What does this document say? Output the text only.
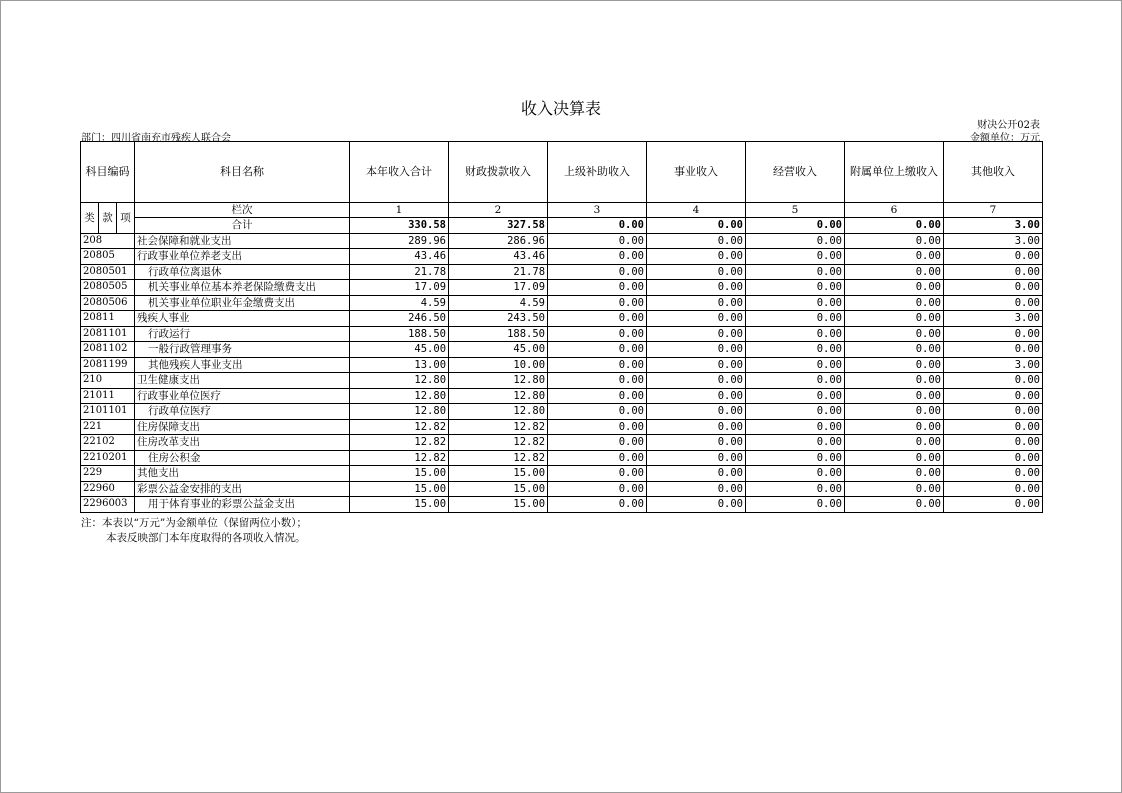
收入决算表
财决公开02表
部门：四川省南充市残疾人联合会	金额单位：万元
科目编码			科目名称	本年收入合计	财政拨款收入	上级补助收入	事业收入	经营收入	附属单位上缴收入	其他收入
类	款	项	栏次	1	2	3	4	5	6	7
			合计	330.58	327.58	0.00	0.00	0.00	0.00	3.00
208			社会保障和就业支出	289.96	286.96	0.00	0.00	0.00	0.00	3.00
20805			行政事业单位养老支出	43.46	43.46	0.00	0.00	0.00	0.00	0.00
2080501			行政单位离退休	21.78	21.78	0.00	0.00	0.00	0.00	0.00
2080505			机关事业单位基本养老保险缴费支出	17.09	17.09	0.00	0.00	0.00	0.00	0.00
2080506			机关事业单位职业年金缴费支出	4.59	4.59	0.00	0.00	0.00	0.00	0.00
20811			残疾人事业	246.50	243.50	0.00	0.00	0.00	0.00	3.00
2081101			行政运行	188.50	188.50	0.00	0.00	0.00	0.00	0.00
2081102			一般行政管理事务	45.00	45.00	0.00	0.00	0.00	0.00	0.00
2081199			其他残疾人事业支出	13.00	10.00	0.00	0.00	0.00	0.00	3.00
210			卫生健康支出	12.80	12.80	0.00	0.00	0.00	0.00	0.00
21011			行政事业单位医疗	12.80	12.80	0.00	0.00	0.00	0.00	0.00
2101101			行政单位医疗	12.80	12.80	0.00	0.00	0.00	0.00	0.00
221			住房保障支出	12.82	12.82	0.00	0.00	0.00	0.00	0.00
22102			住房改革支出	12.82	12.82	0.00	0.00	0.00	0.00	0.00
2210201			住房公积金	12.82	12.82	0.00	0.00	0.00	0.00	0.00
229			其他支出	15.00	15.00	0.00	0.00	0.00	0.00	0.00
22960			彩票公益金安排的支出	15.00	15.00	0.00	0.00	0.00	0.00	0.00
2296003			用于体育事业的彩票公益金支出	15.00	15.00	0.00	0.00	0.00	0.00	0.00
注：本表以“万元”为金额单位（保留两位小数）；
本表反映部门本年度取得的各项收入情况。
